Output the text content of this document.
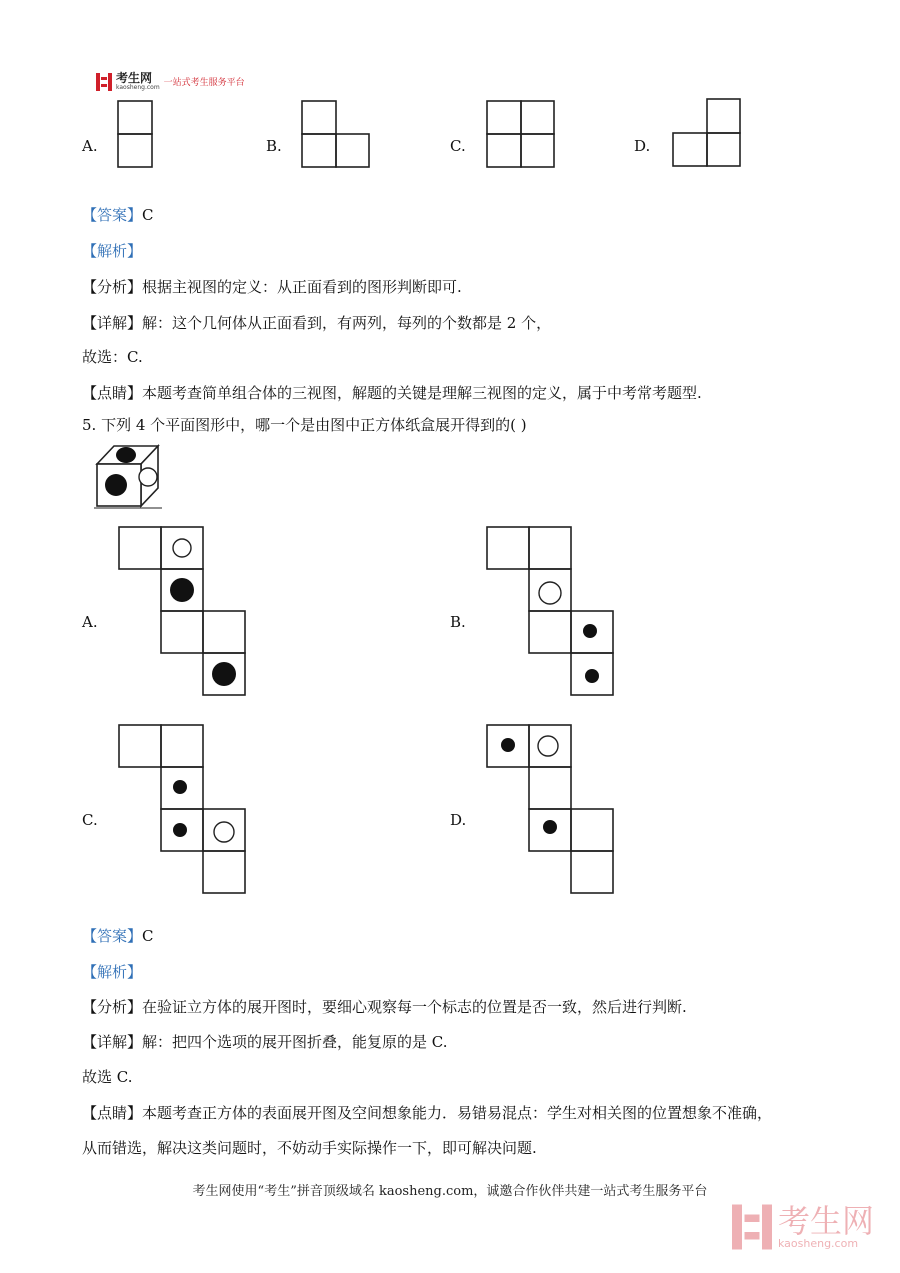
考生网
kaosheng.com 一站式考生服务平台
A.	B.	C.	D.
【答案】C
【解析】
【分析】根据主视图的定义：从正面看到的图形判断即可.
【详解】解：这个几何体从正面看到，有两列，每列的个数都是 2 个，
故选：C.
【点睛】本题考查简单组合体的三视图，解题的关键是理解三视图的定义，属于中考常考题型.
5. 下列 4 个平面图形中，哪一个是由图中正方体纸盒展开得到的( )
A.	B.
C.	D.
【答案】C
【解析】
【分析】在验证立方体的展开图时，要细心观察每一个标志的位置是否一致，然后进行判断.
【详解】解：把四个选项的展开图折叠，能复原的是 C.
故选 C.
【点睛】本题考查正方体的表面展开图及空间想象能力．易错易混点：学生对相关图的位置想象不准确，
从而错选，解决这类问题时，不妨动手实际操作一下，即可解决问题.
考生网使用“考生”拼音顶级域名 kaosheng.com，诚邀合作伙伴共建一站式考生服务平台
考生网
kaosheng.com
